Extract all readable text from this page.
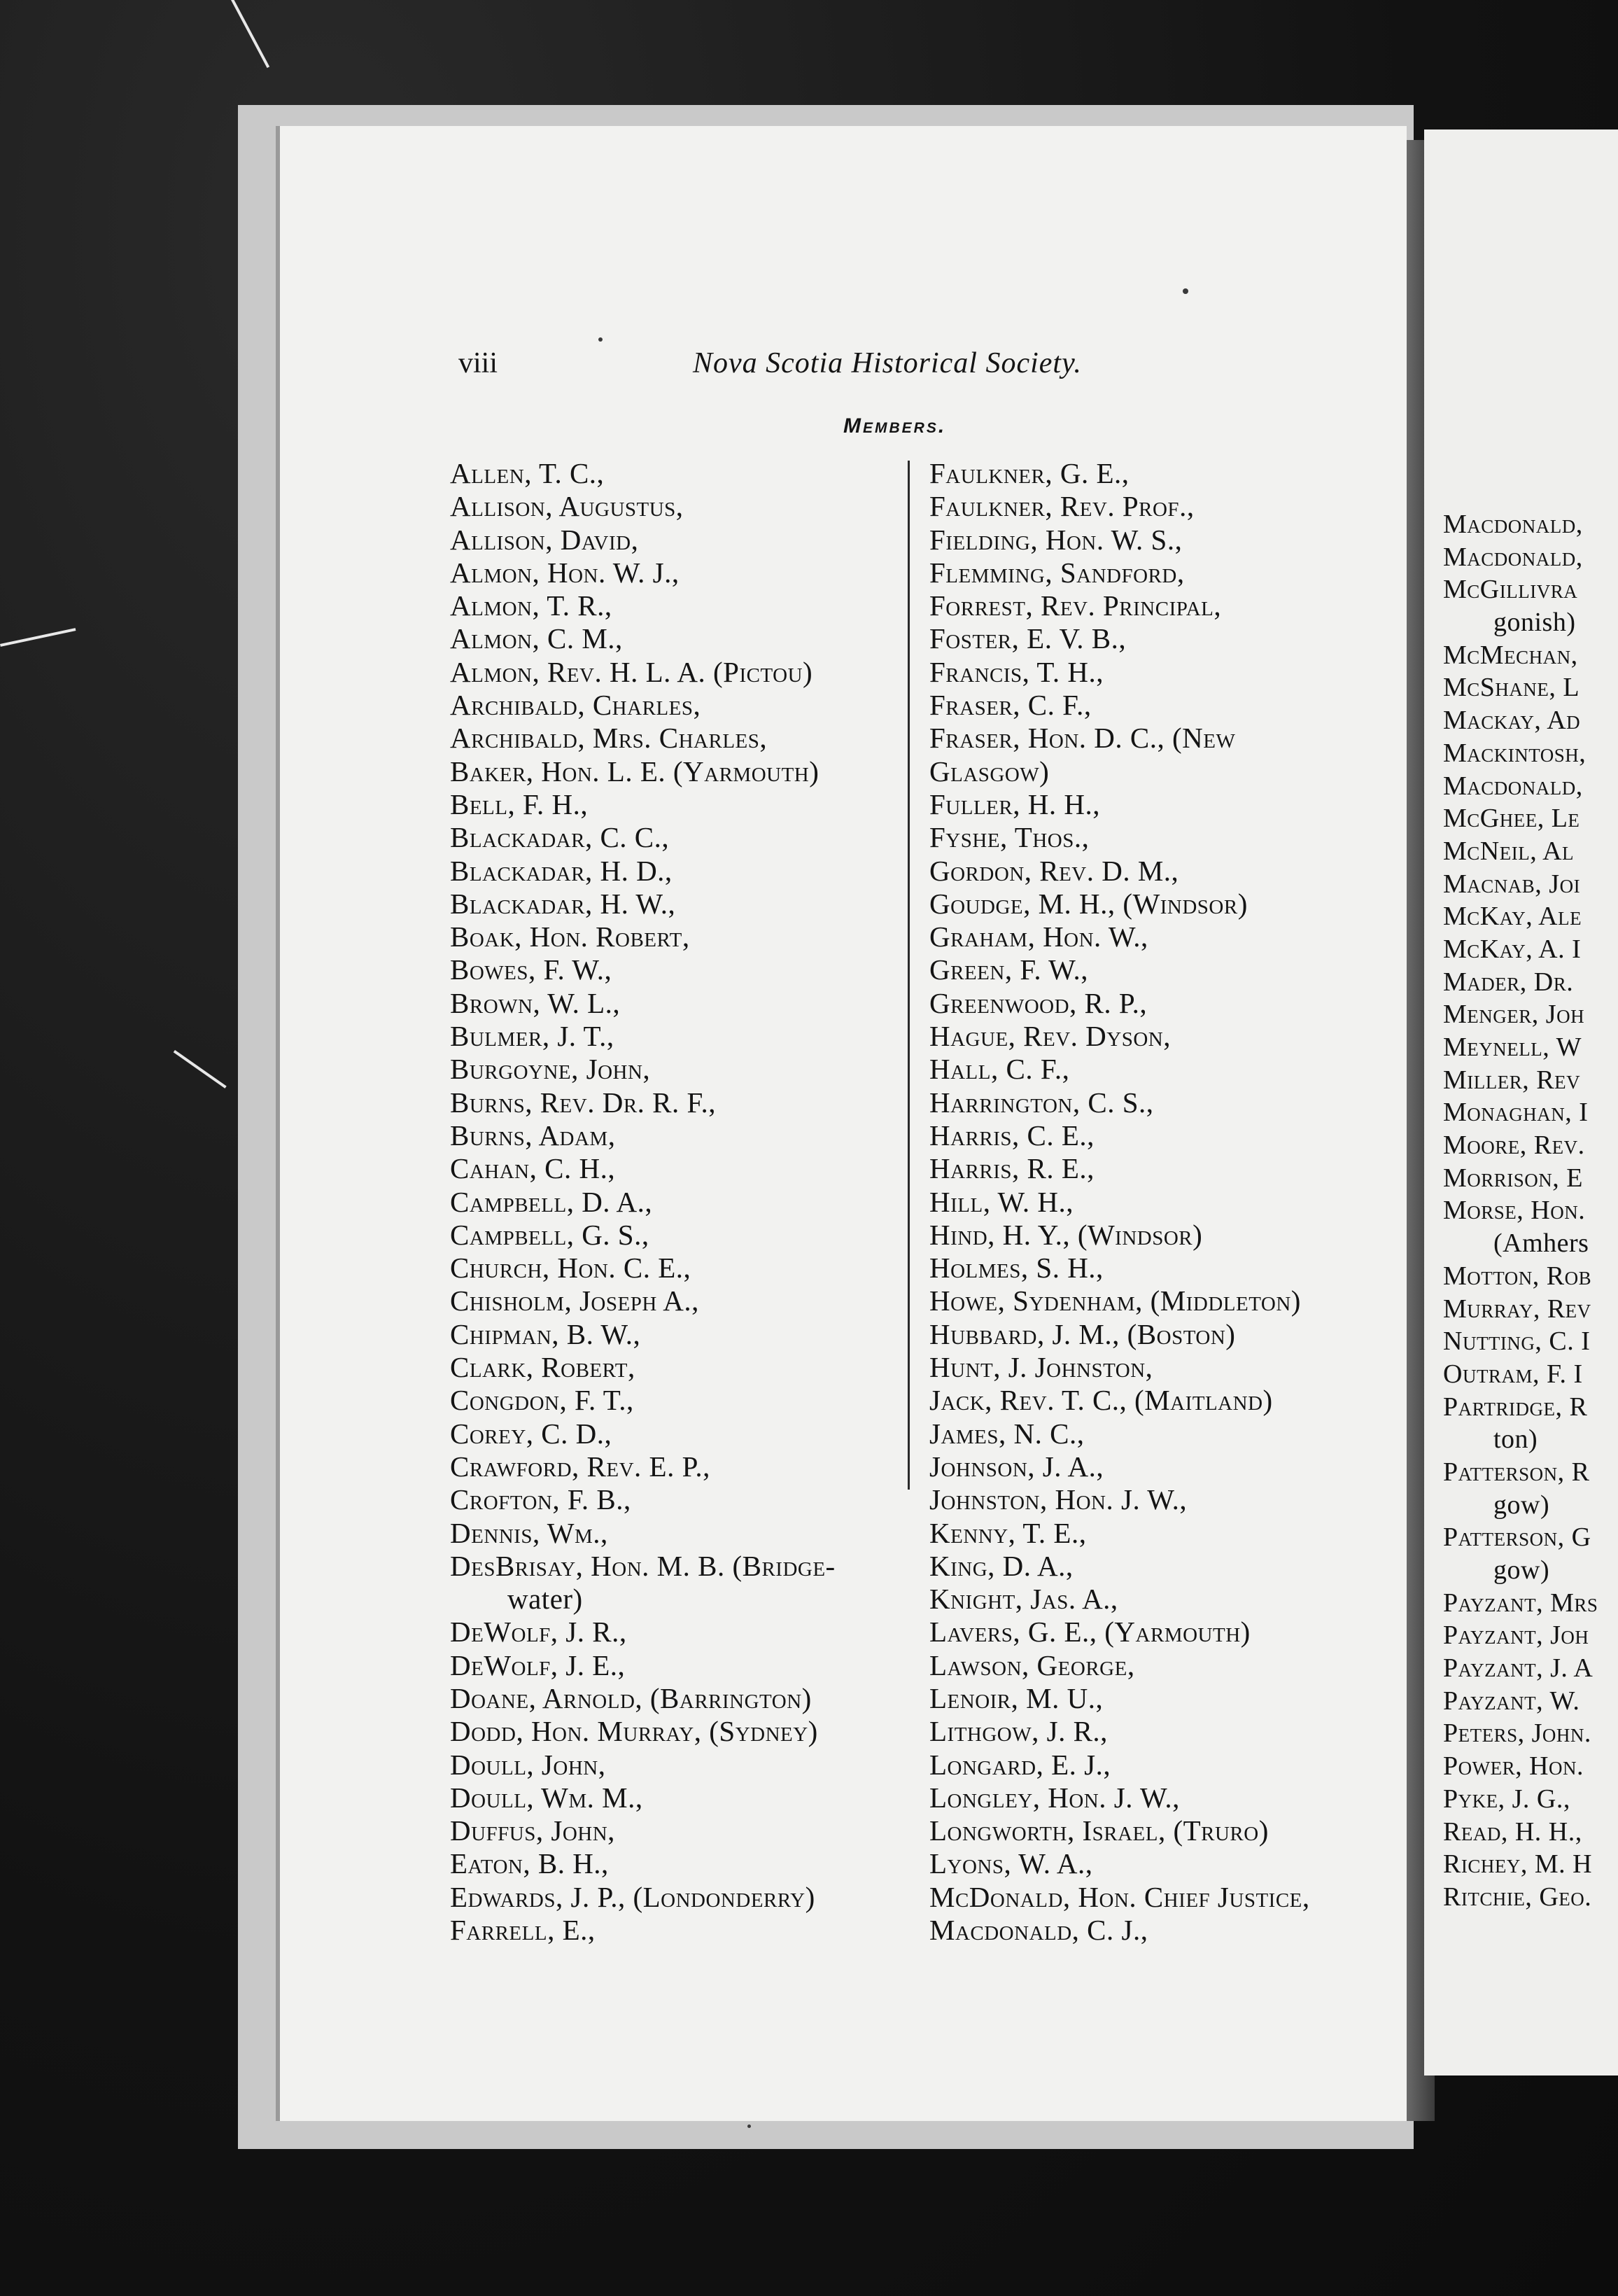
viii	Nova Scotia Historical Society.
Members.
Allen, T. C.,
Allison, Augustus,
Allison, David,
Almon, Hon. W. J.,
Almon, T. R.,
Almon, C. M.,
Almon, Rev. H. L. A. (Pictou)
Archibald, Charles,
Archibald, Mrs. Charles,
Baker, Hon. L. E. (Yarmouth)
Bell, F. H.,
Blackadar, C. C.,
Blackadar, H. D.,
Blackadar, H. W.,
Boak, Hon. Robert,
Bowes, F. W.,
Brown, W. L.,
Bulmer, J. T.,
Burgoyne, John,
Burns, Rev. Dr. R. F.,
Burns, Adam,
Cahan, C. H.,
Campbell, D. A.,
Campbell, G. S.,
Church, Hon. C. E.,
Chisholm, Joseph A.,
Chipman, B. W.,
Clark, Robert,
Congdon, F. T.,
Corey, C. D.,
Crawford, Rev. E. P.,
Crofton, F. B.,
Dennis, Wm.,
DesBrisay, Hon. M. B. (Bridge-
water)
DeWolf, J. R.,
DeWolf, J. E.,
Doane, Arnold, (Barrington)
Dodd, Hon. Murray, (Sydney)
Doull, John,
Doull, Wm. M.,
Duffus, John,
Eaton, B. H.,
Edwards, J. P., (Londonderry)
Farrell, E.,
Faulkner, G. E.,
Faulkner, Rev. Prof.,
Fielding, Hon. W. S.,
Flemming, Sandford,
Forrest, Rev. Principal,
Foster, E. V. B.,
Francis, T. H.,
Fraser, C. F.,
Fraser, Hon. D. C., (New
Glasgow)
Fuller, H. H.,
Fyshe, Thos.,
Gordon, Rev. D. M.,
Goudge, M. H., (Windsor)
Graham, Hon. W.,
Green, F. W.,
Greenwood, R. P.,
Hague, Rev. Dyson,
Hall, C. F.,
Harrington, C. S.,
Harris, C. E.,
Harris, R. E.,
Hill, W. H.,
Hind, H. Y., (Windsor)
Holmes, S. H.,
Howe, Sydenham, (Middleton)
Hubbard, J. M., (Boston)
Hunt, J. Johnston,
Jack, Rev. T. C., (Maitland)
James, N. C.,
Johnson, J. A.,
Johnston, Hon. J. W.,
Kenny, T. E.,
King, D. A.,
Knight, Jas. A.,
Lavers, G. E., (Yarmouth)
Lawson, George,
Lenoir, M. U.,
Lithgow, J. R.,
Longard, E. J.,
Longley, Hon. J. W.,
Longworth, Israel, (Truro)
Lyons, W. A.,
McDonald, Hon. Chief Justice,
Macdonald, C. J.,
Macdonald,
Macdonald,
McGillivra
gonish)
McMechan,
McShane, L
Mackay, Ad
Mackintosh,
Macdonald,
McGhee, Le
McNeil, Al
Macnab, Joi
McKay, Ale
McKay, A. I
Mader, Dr.
Menger, Joh
Meynell, W
Miller, Rev
Monaghan, I
Moore, Rev.
Morrison, E
Morse, Hon.
(Amhers
Motton, Rob
Murray, Rev
Nutting, C. I
Outram, F. I
Partridge, R
ton)
Patterson, R
gow)
Patterson, G
gow)
Payzant, Mrs
Payzant, Joh
Payzant, J. A
Payzant, W.
Peters, John.
Power, Hon.
Pyke, J. G.,
Read, H. H.,
Richey, M. H
Ritchie, Geo.
